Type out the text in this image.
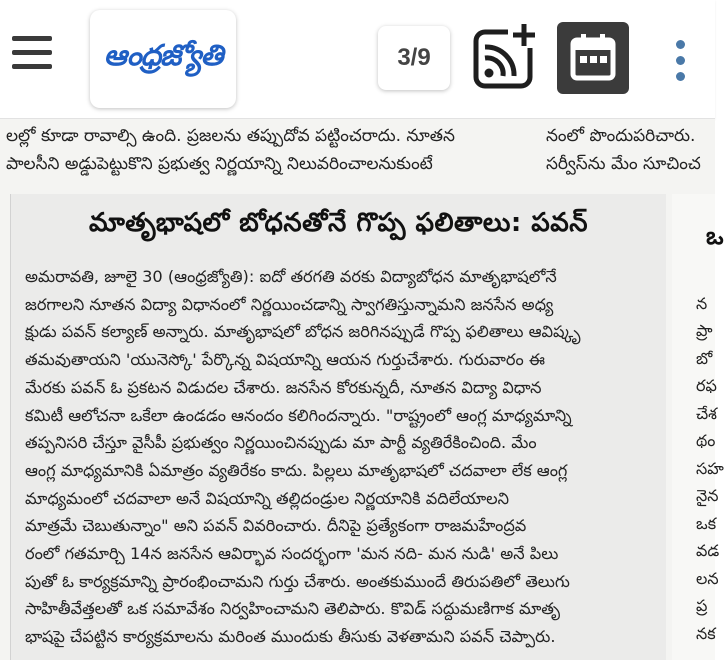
ఆంధ్రజ్యోతి	3/9
లల్లో కూడా రావాల్సి ఉంది. ప్రజలను తప్పుదోవ పట్టించరాదు. నూతన
పాలసీని అడ్డుపెట్టుకొని ప్రభుత్వ నిర్ణయాన్ని నిలువరించాలనుకుంటే
నంలో పొందుపరిచారు.
సర్వీస్‌ను మేం సూచించ
మాతృభాషలో బోధనతోనే గొప్ప ఫలితాలు: పవన్
అమరావతి, జూలై 30 (ఆంధ్రజ్యోతి): ఐదో తరగతి వరకు విద్యాబోధన మాతృభాషలోనే
జరగాలని నూతన విద్యా విధానంలో నిర్ణయించడాన్ని స్వాగతిస్తున్నామని జనసేన అధ్య
క్షుడు పవన్ కల్యాణ్ అన్నారు. మాతృభాషలో బోధన జరిగినప్పుడే గొప్ప ఫలితాలు ఆవిష్కృ
తమవుతాయని 'యునెస్కో' పేర్కొన్న విషయాన్ని ఆయన గుర్తుచేశారు. గురువారం ఈ
మేరకు పవన్ ఓ ప్రకటన విడుదల చేశారు. జనసేన కోరకున్నదీ, నూతన విద్యా విధాన
కమిటీ ఆలోచనా ఒకేలా ఉండడం ఆనందం కలిగిందన్నారు. "రాష్ట్రంలో ఆంగ్ల మాధ్యమాన్ని
తప్పనిసరి చేస్తూ వైసీపీ ప్రభుత్వం నిర్ణయించినప్పుడు మా పార్టీ వ్యతిరేకించింది. మేం
ఆంగ్ల మాధ్యమానికి ఏమాత్రం వ్యతిరేకం కాదు. పిల్లలు మాతృభాషలో చదవాలా లేక ఆంగ్ల
మాధ్యమంలో చదవాలా అనే విషయాన్ని తల్లిదండ్రుల నిర్ణయానికి వదిలేయాలని
మాత్రమే చెబుతున్నాం" అని పవన్ వివరించారు. దీనిపై ప్రత్యేకంగా రాజమహేంద్రవ
రంలో గతమార్చి 14న జనసేన ఆవిర్భావ సందర్భంగా 'మన నది- మన నుడి' అనే పిలు
పుతో ఓ కార్యక్రమాన్ని ప్రారంభించామని గుర్తు చేశారు. అంతకుముందే తిరుపతిలో తెలుగు
సాహితీవేత్తలతో ఒక సమావేశం నిర్వహించామని తెలిపారు. కొవిడ్ సద్దుమణిగాక మాతృ
భాషపై చేపట్టిన కార్యక్రమాలను మరింత ముందుకు తీసుకు వెళతామని పవన్ చెప్పారు.
ఒ
న
ప్రా
బో
రఫ
చేశ
థం
సహ
నైన
ఒక
వడ
లన
ప్ర
నక
